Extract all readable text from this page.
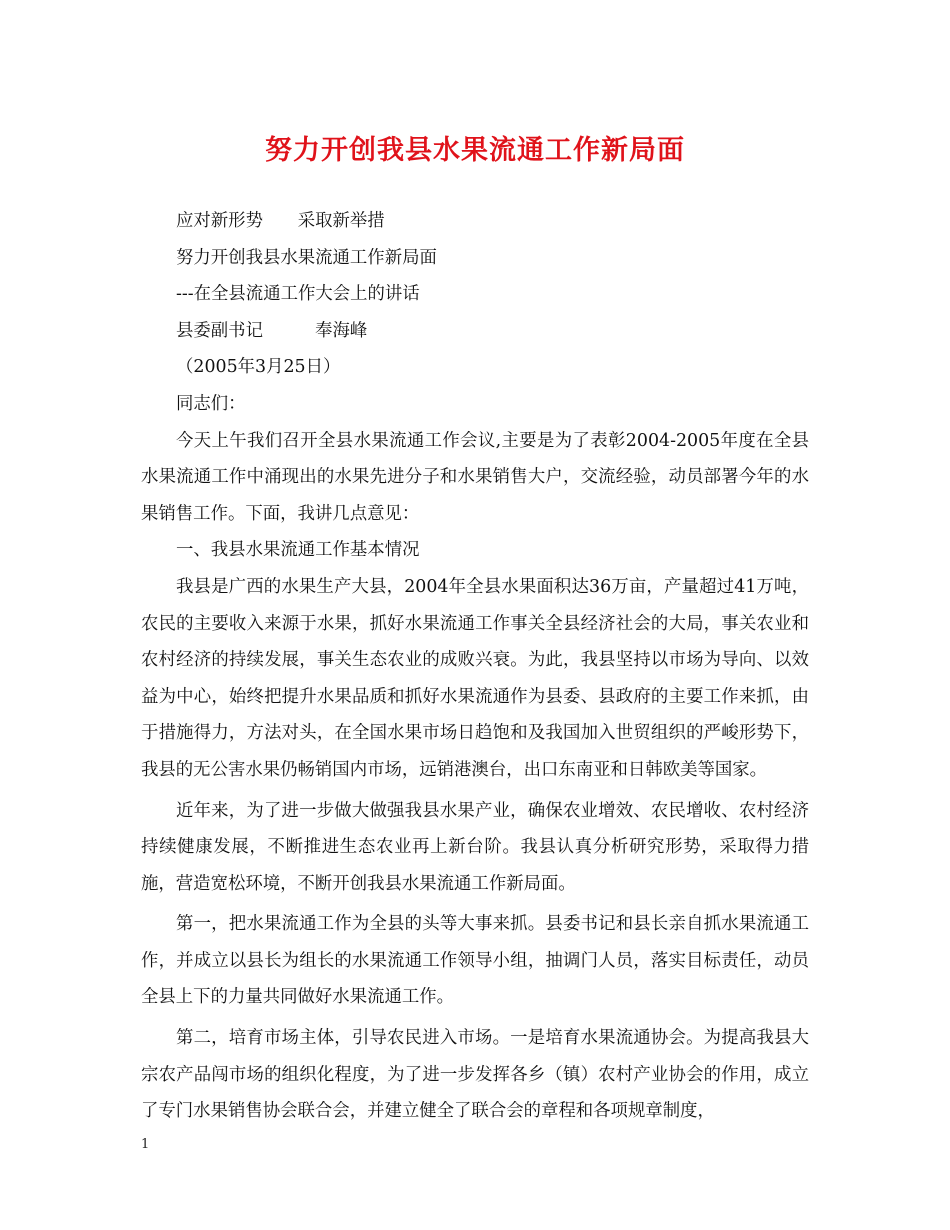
努力开创我县水果流通工作新局面

应对新形势　　采取新举措

努力开创我县水果流通工作新局面

---在全县流通工作大会上的讲话

县委副书记　　　奉海峰

（2005年3月25日）

同志们：

今天上午我们召开全县水果流通工作会议,主要是为了表彰2004-2005年度在全县水果流通工作中涌现出的水果先进分子和水果销售大户，交流经验，动员部署今年的水果销售工作。下面，我讲几点意见：

一、我县水果流通工作基本情况

我县是广西的水果生产大县，2004年全县水果面积达36万亩，产量超过41万吨，农民的主要收入来源于水果，抓好水果流通工作事关全县经济社会的大局，事关农业和农村经济的持续发展，事关生态农业的成败兴衰。为此，我县坚持以市场为导向、以效益为中心，始终把提升水果品质和抓好水果流通作为县委、县政府的主要工作来抓，由于措施得力，方法对头，在全国水果市场日趋饱和及我国加入世贸组织的严峻形势下，我县的无公害水果仍畅销国内市场，远销港澳台，出口东南亚和日韩欧美等国家。

近年来，为了进一步做大做强我县水果产业，确保农业增效、农民增收、农村经济持续健康发展，不断推进生态农业再上新台阶。我县认真分析研究形势，采取得力措施，营造宽松环境，不断开创我县水果流通工作新局面。

第一，把水果流通工作为全县的头等大事来抓。县委书记和县长亲自抓水果流通工作，并成立以县长为组长的水果流通工作领导小组，抽调门人员，落实目标责任，动员全县上下的力量共同做好水果流通工作。

第二，培育市场主体，引导农民进入市场。一是培育水果流通协会。为提高我县大宗农产品闯市场的组织化程度，为了进一步发挥各乡（镇）农村产业协会的作用，成立了专门水果销售协会联合会，并建立健全了联合会的章程和各项规章制度，

1
